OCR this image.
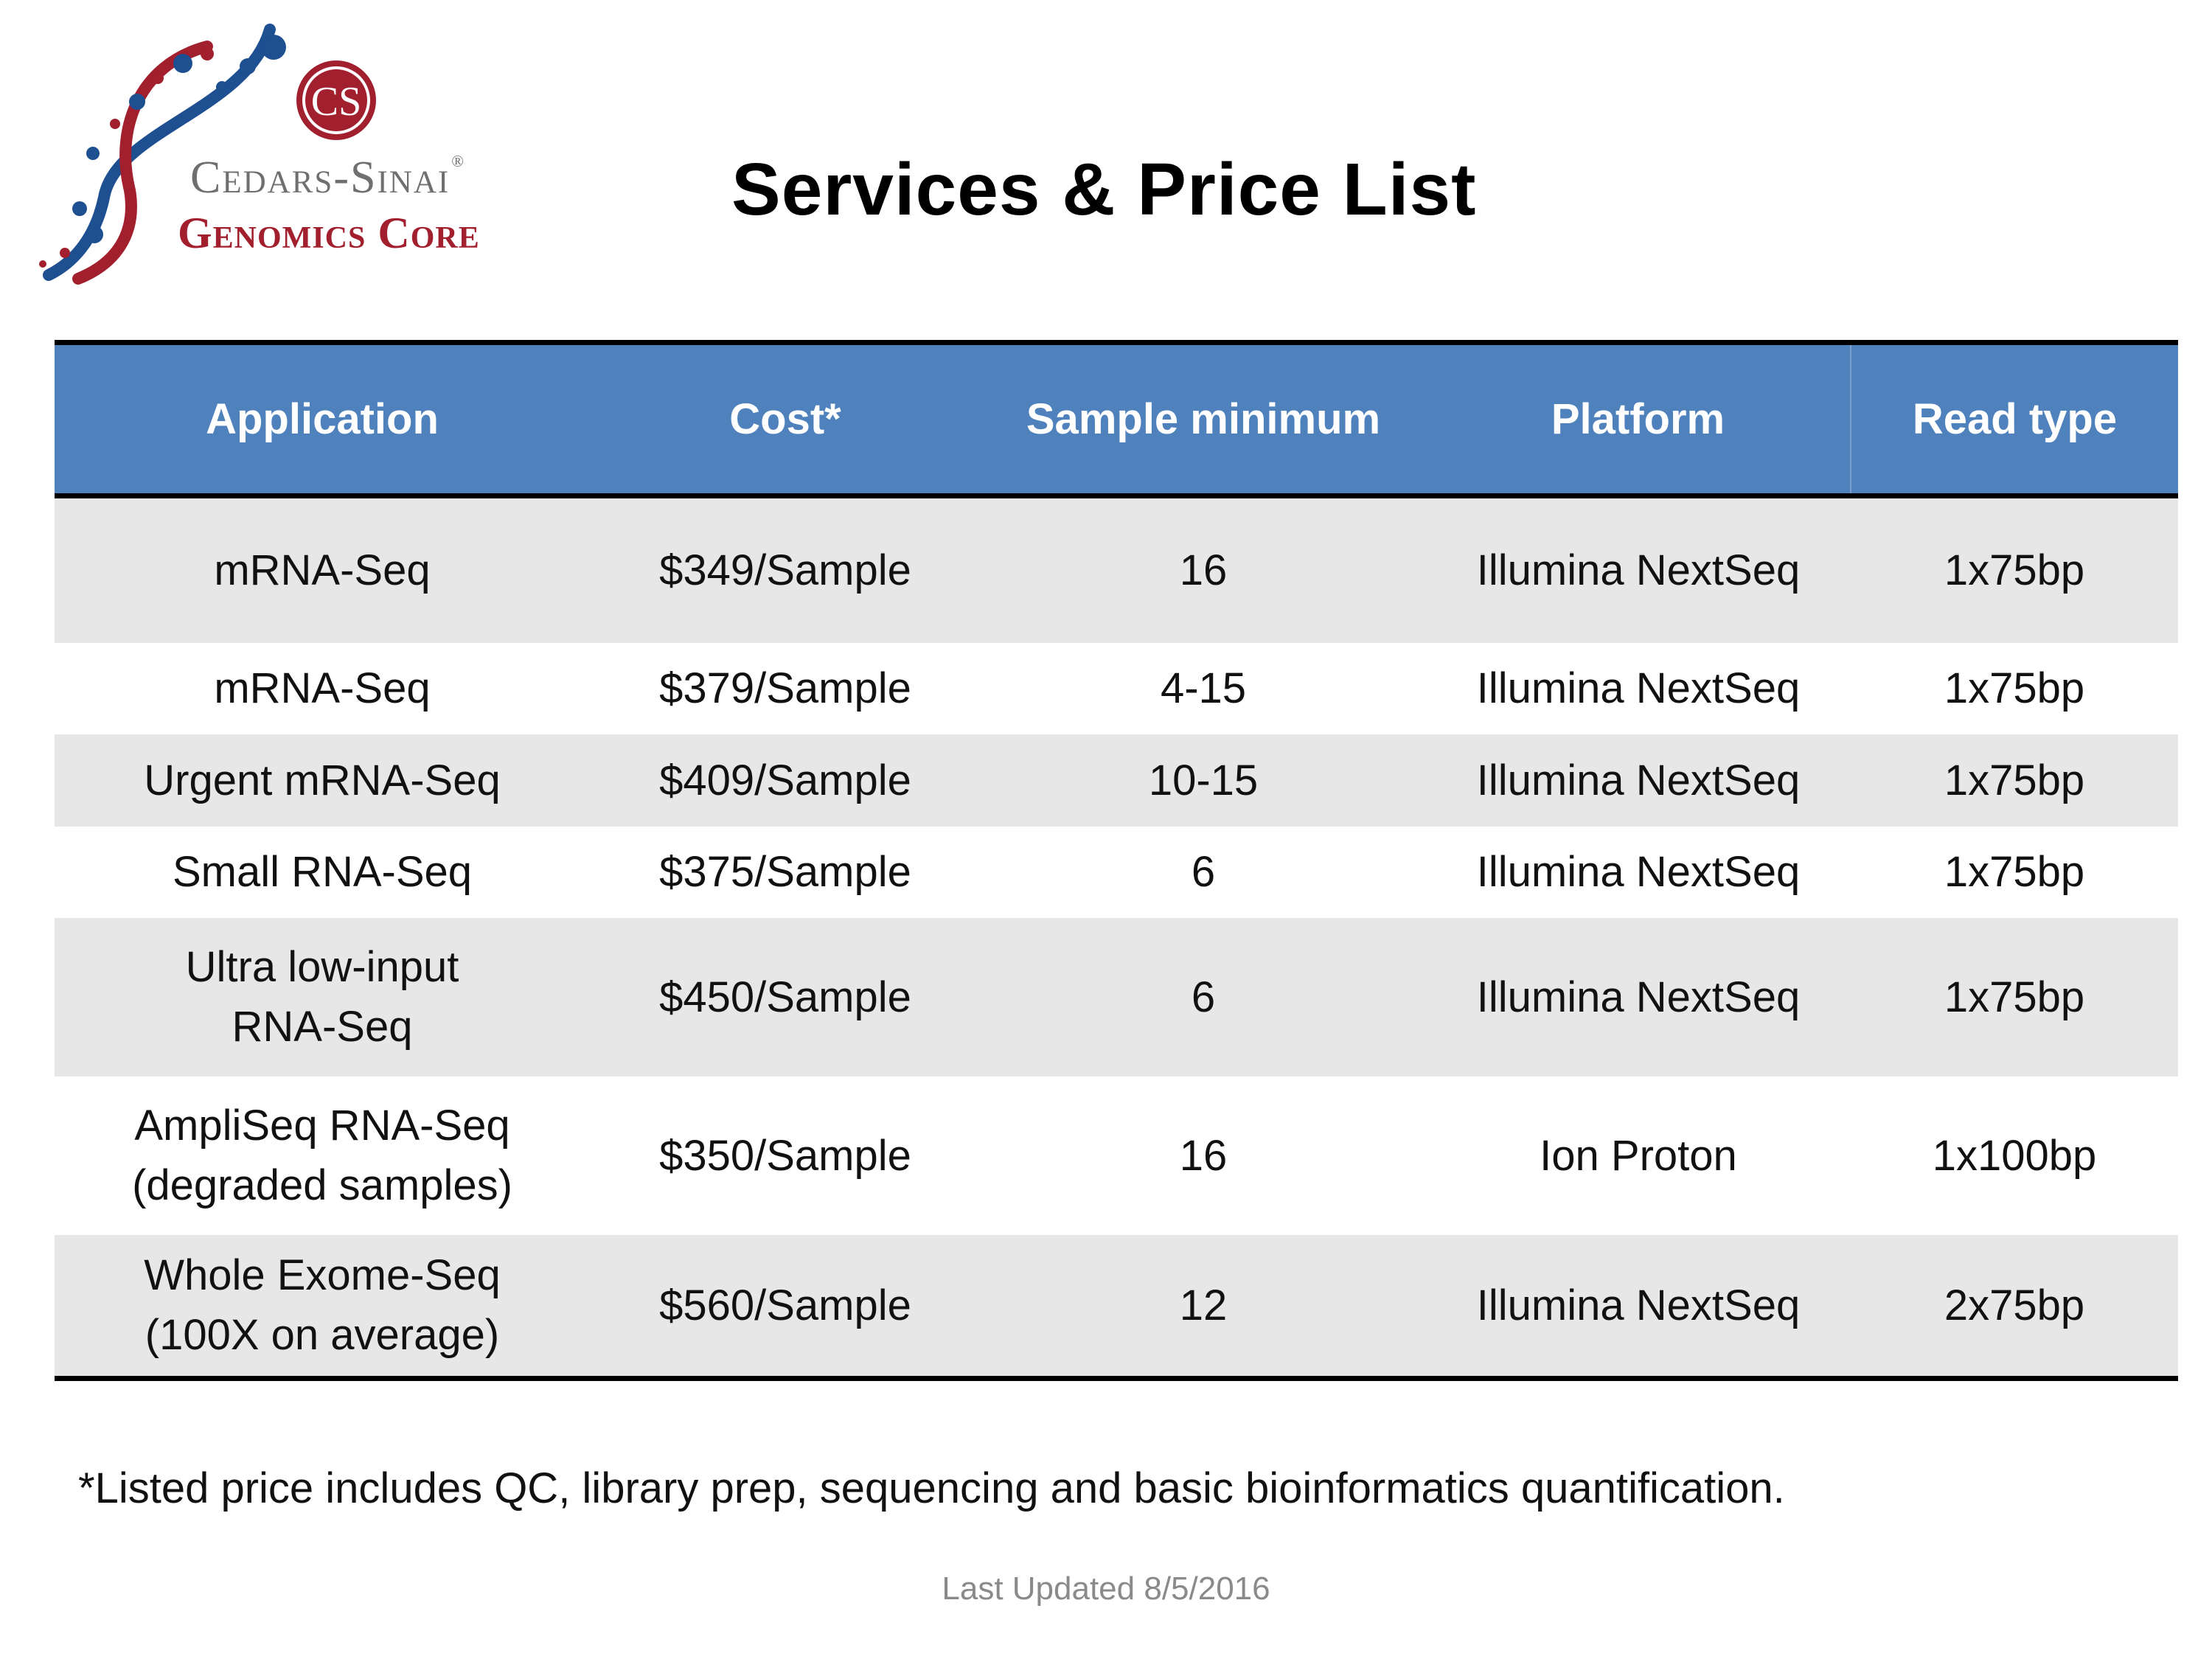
CS
Cedars-Sinai®
Genomics Core
Services & Price List
Application	Cost*	Sample minimum	Platform	Read type
mRNA-Seq	$349/Sample	16	Illumina NextSeq	1x75bp
mRNA-Seq	$379/Sample	4-15	Illumina NextSeq	1x75bp
Urgent mRNA-Seq	$409/Sample	10-15	Illumina NextSeq	1x75bp
Small RNA-Seq	$375/Sample	6	Illumina NextSeq	1x75bp
Ultra low-input
RNA-Seq	$450/Sample	6	Illumina NextSeq	1x75bp
AmpliSeq RNA-Seq
(degraded samples)	$350/Sample	16	Ion Proton	1x100bp
Whole Exome-Seq
(100X on average)	$560/Sample	12	Illumina NextSeq	2x75bp
*Listed price includes QC, library prep, sequencing and basic bioinformatics quantification.
Last Updated 8/5/2016
